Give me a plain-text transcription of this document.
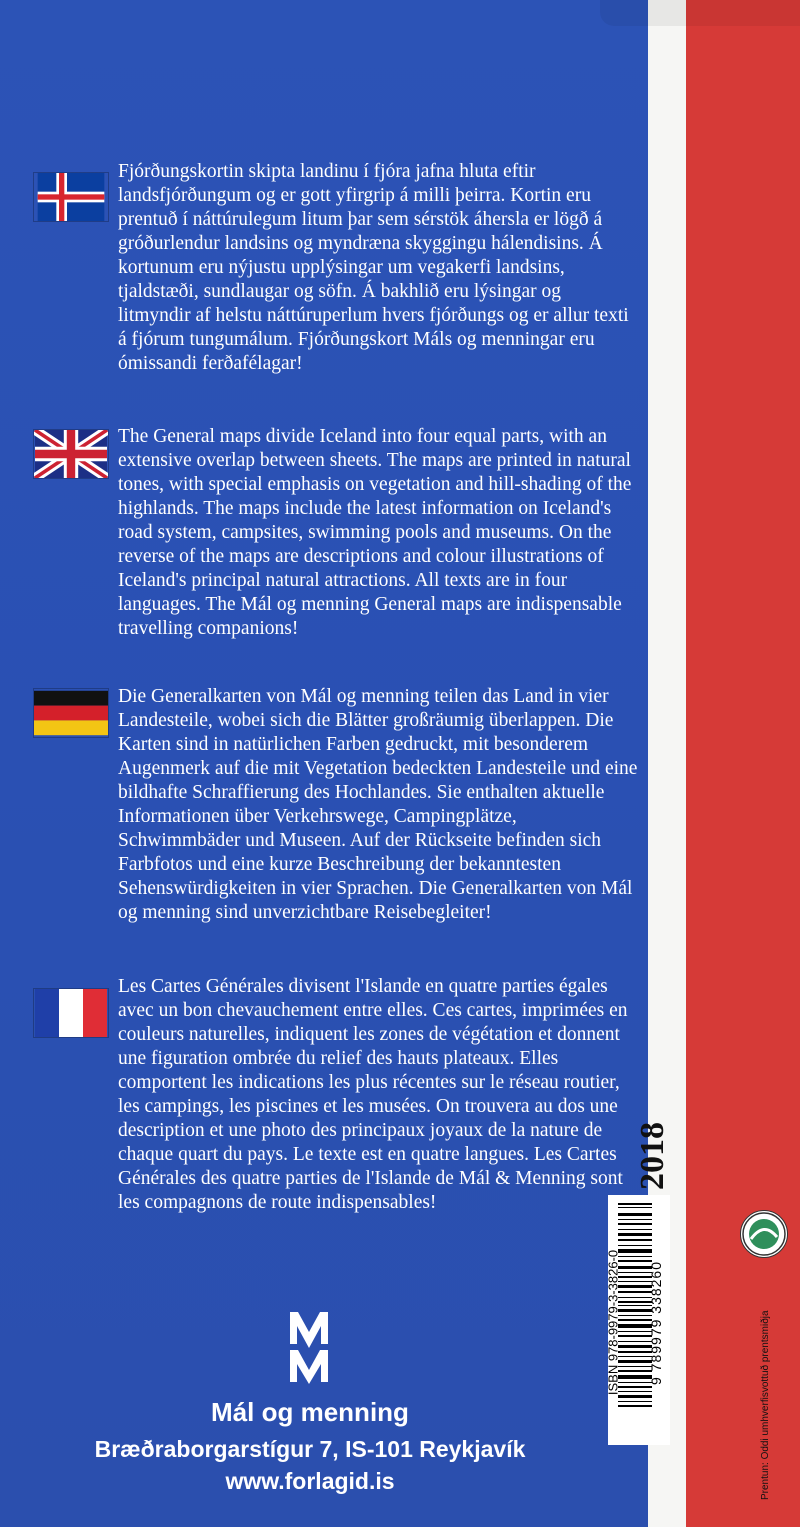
Fjórðungskortin skipta landinu í fjóra jafna hluta eftir landsfjórðungum og er gott yfirgrip á milli þeirra. Kortin eru prentuð í náttúrulegum litum þar sem sérstök áhersla er lögð á gróðurlendur landsins og myndræna skyggingu hálendisins. Á kortunum eru nýjustu upplýsingar um vegakerfi landsins, tjaldstæði, sundlaugar og söfn. Á bakhlið eru lýsingar og litmyndir af helstu náttúruperlum hvers fjórðungs og er allur texti á fjórum tungumálum. Fjórðungskort Máls og menningar eru ómissandi ferðafélagar!
The General maps divide Iceland into four equal parts, with an extensive overlap between sheets. The maps are printed in natural tones, with special emphasis on vegetation and hill-shading of the highlands. The maps include the latest information on Iceland's road system, campsites, swimming pools and museums. On the reverse of the maps are descriptions and colour illustrations of Iceland's principal natural attractions. All texts are in four languages. The Mál og menning General maps are indispensable travelling companions!
Die Generalkarten von Mál og menning teilen das Land in vier Landesteile, wobei sich die Blätter großräumig überlappen. Die Karten sind in natürlichen Farben gedruckt, mit besonderem Augenmerk auf die mit Vegetation bedeckten Landesteile und eine bildhafte Schraffierung des Hochlandes. Sie enthalten aktuelle Informationen über Verkehrswege, Campingplätze, Schwimmbäder und Museen. Auf der Rückseite befinden sich Farbfotos und eine kurze Beschreibung der bekanntesten Sehenswürdigkeiten in vier Sprachen. Die Generalkarten von Mál og menning sind unverzichtbare Reisebegleiter!
Les Cartes Générales divisent l'Islande en quatre parties égales avec un bon chevauchement entre elles. Ces cartes, imprimées en couleurs naturelles, indiquent les zones de végétation et donnent une figuration ombrée du relief des hauts plateaux. Elles comportent les indications les plus récentes sur le réseau routier, les campings, les piscines et les musées. On trouvera au dos une description et une photo des principaux joyaux de la nature de chaque quart du pays. Le texte est en quatre langues. Les Cartes Générales des quatre parties de l'Islande de Mál & Menning sont les compagnons de route indispensables!
2018
9 789979 338260
ISBN 978-9979-3-3826-0	Prentun: Oddi umhverfisvottuð prentsmiðja
Mál og menning
Bræðraborgarstígur 7, IS-101 Reykjavík
www.forlagid.is
